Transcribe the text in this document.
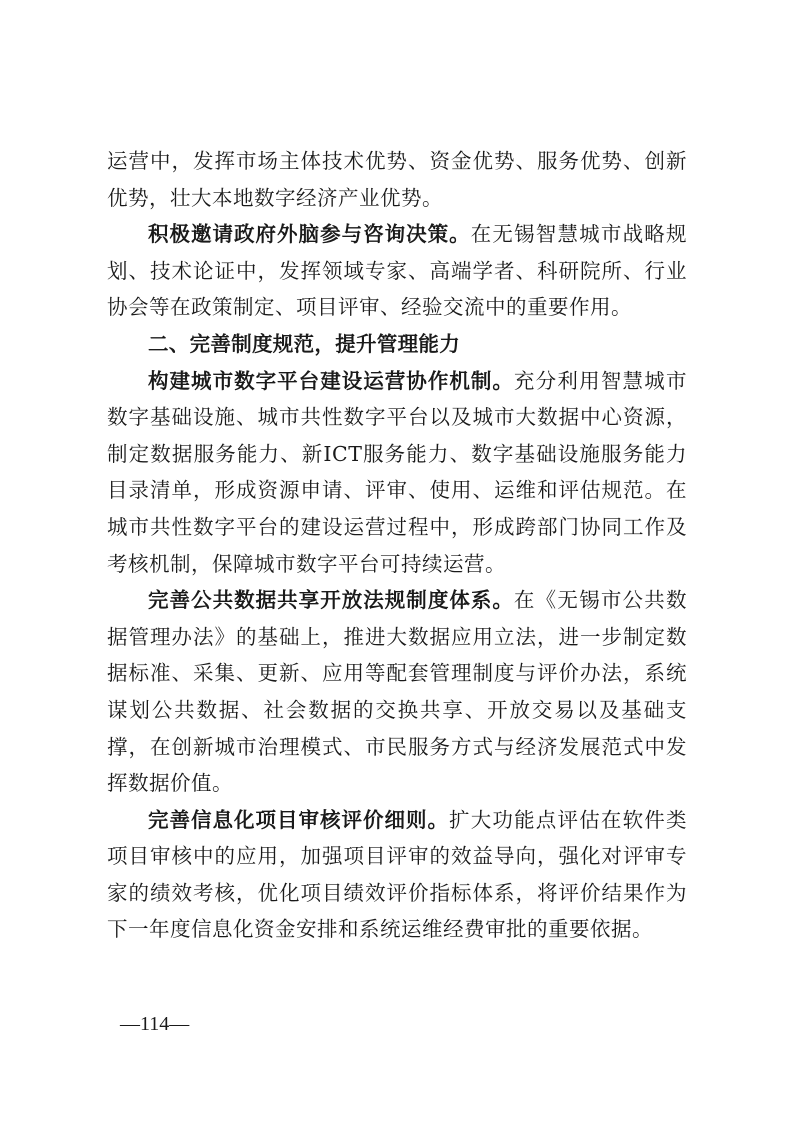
运营中，发挥市场主体技术优势、资金优势、服务优势、创新优势，壮大本地数字经济产业优势。

积极邀请政府外脑参与咨询决策。在无锡智慧城市战略规划、技术论证中，发挥领域专家、高端学者、科研院所、行业协会等在政策制定、项目评审、经验交流中的重要作用。

二、完善制度规范，提升管理能力

构建城市数字平台建设运营协作机制。充分利用智慧城市数字基础设施、城市共性数字平台以及城市大数据中心资源，制定数据服务能力、新ICT服务能力、数字基础设施服务能力目录清单，形成资源申请、评审、使用、运维和评估规范。在城市共性数字平台的建设运营过程中，形成跨部门协同工作及考核机制，保障城市数字平台可持续运营。

完善公共数据共享开放法规制度体系。在《无锡市公共数据管理办法》的基础上，推进大数据应用立法，进一步制定数据标准、采集、更新、应用等配套管理制度与评价办法，系统谋划公共数据、社会数据的交换共享、开放交易以及基础支撑，在创新城市治理模式、市民服务方式与经济发展范式中发挥数据价值。

完善信息化项目审核评价细则。扩大功能点评估在软件类项目审核中的应用，加强项目评审的效益导向，强化对评审专家的绩效考核，优化项目绩效评价指标体系，将评价结果作为下一年度信息化资金安排和系统运维经费审批的重要依据。

—114—
